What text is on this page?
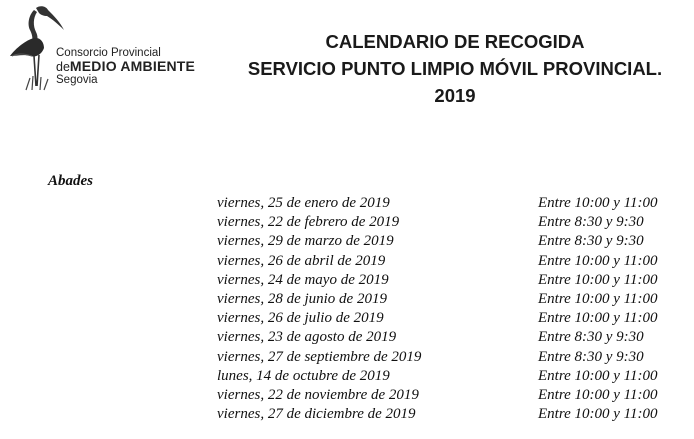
Consorcio Provincial
deMEDIO AMBIENTE
Segovia
CALENDARIO DE RECOGIDA
SERVICIO PUNTO LIMPIO MÓVIL PROVINCIAL.
2019
Abades
viernes, 25 de enero de 2019	Entre 10:00 y 11:00
viernes, 22 de febrero de 2019	Entre 8:30 y 9:30
viernes, 29 de marzo de 2019	Entre 8:30 y 9:30
viernes, 26 de abril de 2019	Entre 10:00 y 11:00
viernes, 24 de mayo de 2019	Entre 10:00 y 11:00
viernes, 28 de junio de 2019	Entre 10:00 y 11:00
viernes, 26 de julio de 2019	Entre 10:00 y 11:00
viernes, 23 de agosto de 2019	Entre 8:30 y 9:30
viernes, 27 de septiembre de 2019	Entre 8:30 y 9:30
lunes, 14 de octubre de 2019	Entre 10:00 y 11:00
viernes, 22 de noviembre de 2019	Entre 10:00 y 11:00
viernes, 27 de diciembre de 2019	Entre 10:00 y 11:00
